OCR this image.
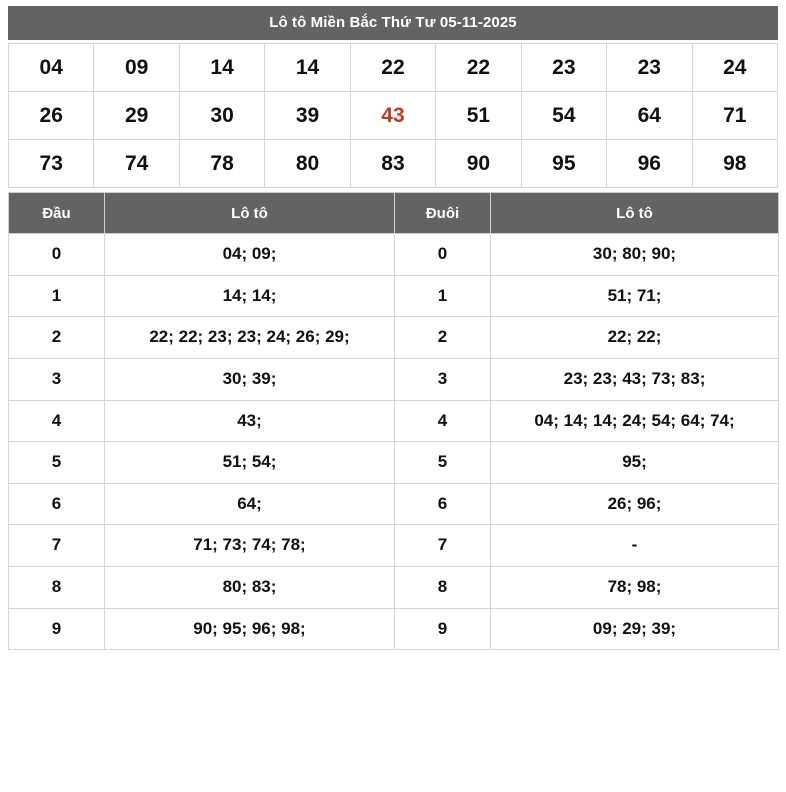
Lô tô Miền Bắc Thứ Tư 05-11-2025
04	09	14	14	22	22	23	23	24
26	29	30	39	43	51	54	64	71
73	74	78	80	83	90	95	96	98
Đầu	Lô tô	Đuôi	Lô tô
0	04; 09;	0	30; 80; 90;
1	14; 14;	1	51; 71;
2	22; 22; 23; 23; 24; 26; 29;	2	22; 22;
3	30; 39;	3	23; 23; 43; 73; 83;
4	43;	4	04; 14; 14; 24; 54; 64; 74;
5	51; 54;	5	95;
6	64;	6	26; 96;
7	71; 73; 74; 78;	7	-
8	80; 83;	8	78; 98;
9	90; 95; 96; 98;	9	09; 29; 39;
